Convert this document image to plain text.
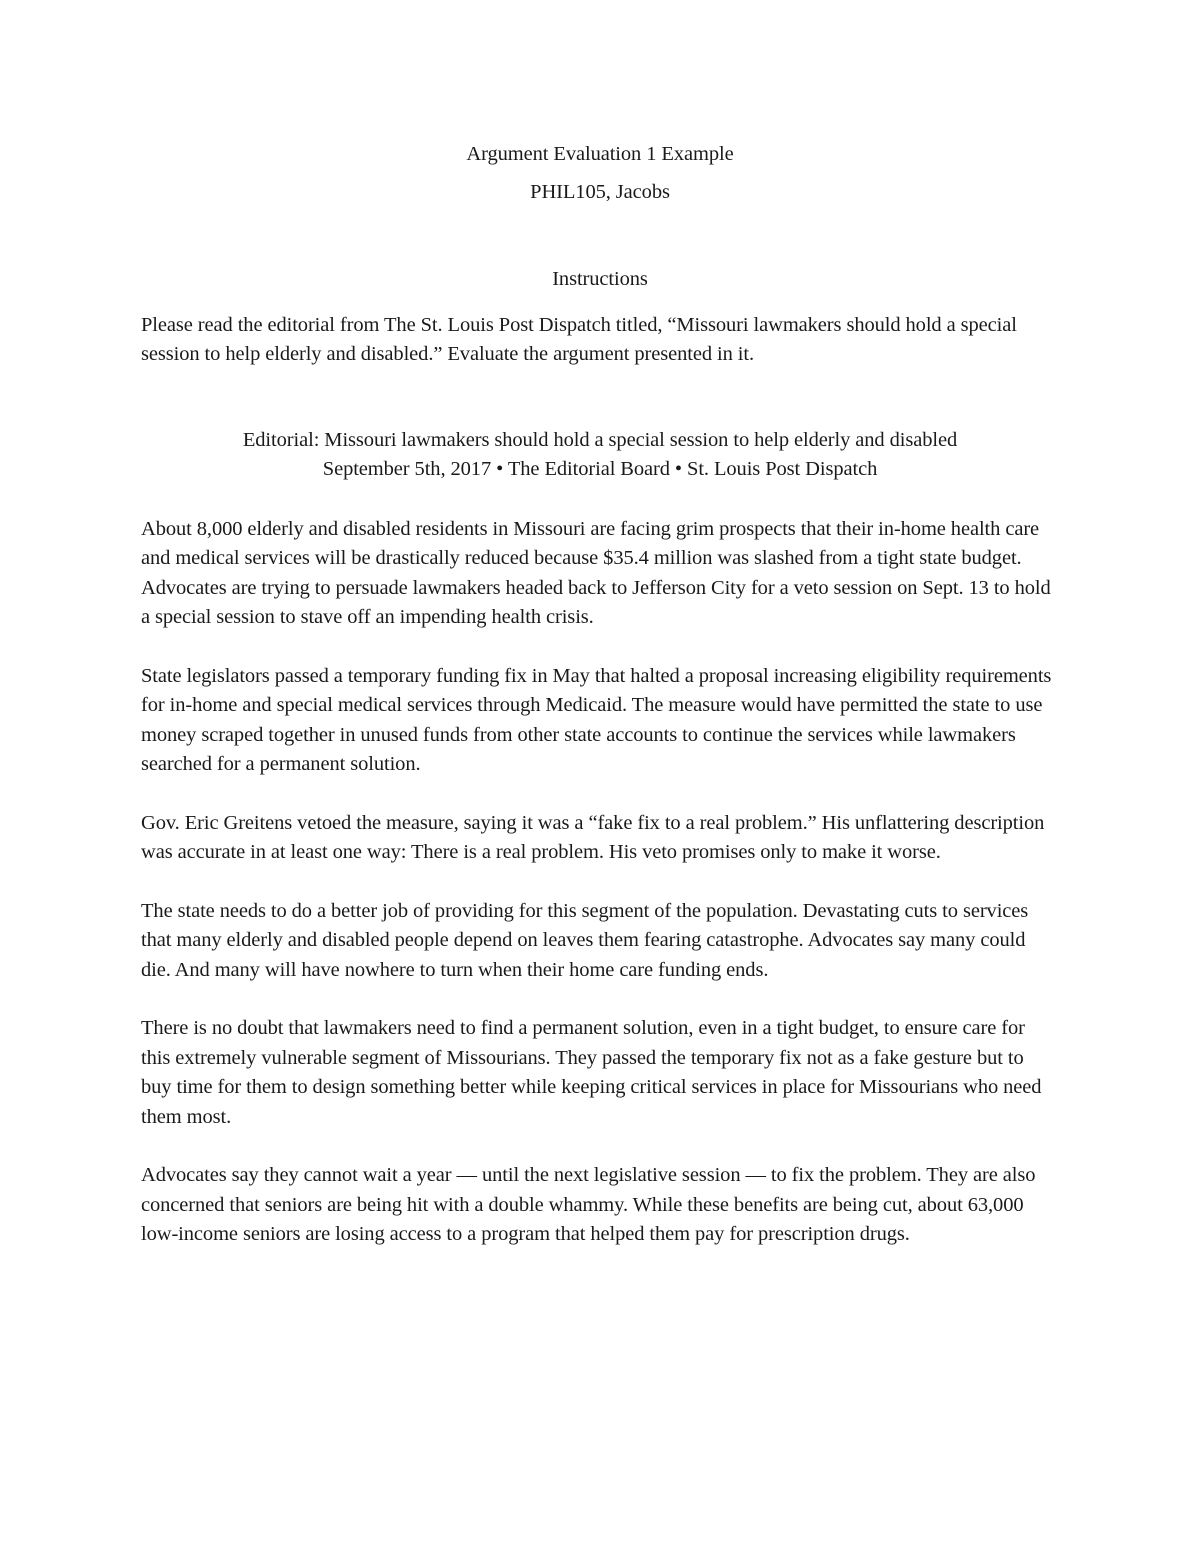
Argument Evaluation 1 Example

PHIL105, Jacobs

Instructions

Please read the editorial from The St. Louis Post Dispatch titled, “Missouri lawmakers should hold a special session to help elderly and disabled.” Evaluate the argument presented in it.

Editorial: Missouri lawmakers should hold a special session to help elderly and disabled

September 5th, 2017 • The Editorial Board • St. Louis Post Dispatch

About 8,000 elderly and disabled residents in Missouri are facing grim prospects that their in-home health care and medical services will be drastically reduced because $35.4 million was slashed from a tight state budget. Advocates are trying to persuade lawmakers headed back to Jefferson City for a veto session on Sept. 13 to hold a special session to stave off an impending health crisis.

State legislators passed a temporary funding fix in May that halted a proposal increasing eligibility requirements for in-home and special medical services through Medicaid. The measure would have permitted the state to use money scraped together in unused funds from other state accounts to continue the services while lawmakers searched for a permanent solution.

Gov. Eric Greitens vetoed the measure, saying it was a “fake fix to a real problem.” His unflattering description was accurate in at least one way: There is a real problem. His veto promises only to make it worse.

The state needs to do a better job of providing for this segment of the population. Devastating cuts to services that many elderly and disabled people depend on leaves them fearing catastrophe. Advocates say many could die. And many will have nowhere to turn when their home care funding ends.

There is no doubt that lawmakers need to find a permanent solution, even in a tight budget, to ensure care for this extremely vulnerable segment of Missourians. They passed the temporary fix not as a fake gesture but to buy time for them to design something better while keeping critical services in place for Missourians who need them most.

Advocates say they cannot wait a year — until the next legislative session — to fix the problem. They are also concerned that seniors are being hit with a double whammy. While these benefits are being cut, about 63,000 low-income seniors are losing access to a program that helped them pay for prescription drugs.
